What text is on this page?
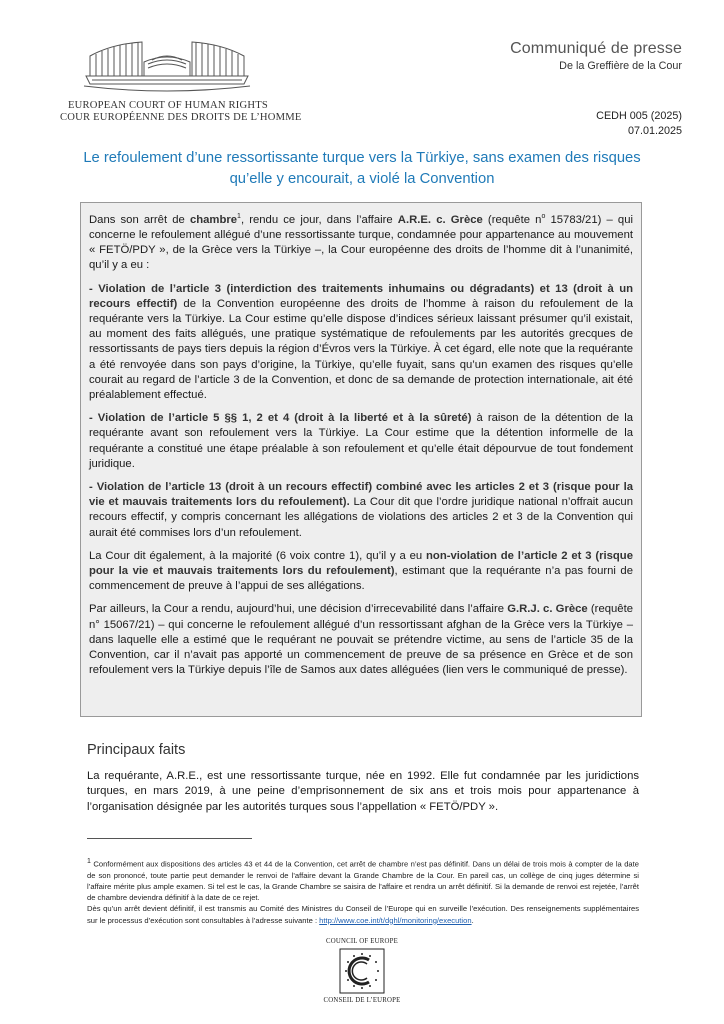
EUROPEAN COURT OF HUMAN RIGHTS
COUR EUROPÉENNE DES DROITS DE L’HOMME
Communiqué de presse
De la Greffière de la Cour
CEDH 005 (2025)
07.01.2025
Le refoulement d’une ressortissante turque vers la Türkiye, sans examen des risques qu’elle y encourait, a violé la Convention

Dans son arrêt de chambre$^1$, rendu ce jour, dans l’affaire A.R.E. c. Grèce (requête $n^o$ 15783/21) – qui concerne le refoulement allégué d’une ressortissante turque, condamnée pour appartenance au mouvement « FETÖ/PDY », de la Grèce vers la Türkiye –, la Cour européenne des droits de l’homme dit à l’unanimité, qu’il y a eu :

- Violation de l’article 3 (interdiction des traitements inhumains ou dégradants) et 13 (droit à un recours effectif) de la Convention européenne des droits de l’homme à raison du refoulement de la requérante vers la Türkiye. La Cour estime qu’elle dispose d’indices sérieux laissant présumer qu’il existait, au moment des faits allégués, une pratique systématique de refoulements par les autorités grecques de ressortissants de pays tiers depuis la région d’Évros vers la Türkiye. À cet égard, elle note que la requérante a été renvoyée dans son pays d’origine, la Türkiye, qu’elle fuyait, sans qu’un examen des risques qu’elle courait au regard de l’article 3 de la Convention, et donc de sa demande de protection internationale, ait été préalablement effectué.

- Violation de l’article 5 §§ 1, 2 et 4 (droit à la liberté et à la sûreté) à raison de la détention de la requérante avant son refoulement vers la Türkiye. La Cour estime que la détention informelle de la requérante a constitué une étape préalable à son refoulement et qu’elle était dépourvue de tout fondement juridique.

- Violation de l’article 13 (droit à un recours effectif) combiné avec les articles 2 et 3 (risque pour la vie et mauvais traitements lors du refoulement). La Cour dit que l’ordre juridique national n’offrait aucun recours effectif, y compris concernant les allégations de violations des articles 2 et 3 de la Convention qui aurait été commises lors d’un refoulement.

La Cour dit également, à la majorité (6 voix contre 1), qu’il y a eu non-violation de l’article 2 et 3 (risque pour la vie et mauvais traitements lors du refoulement), estimant que la requérante n’a pas fourni de commencement de preuve à l’appui de ses allégations.

Par ailleurs, la Cour a rendu, aujourd’hui, une décision d’irrecevabilité dans l’affaire G.R.J. c. Grèce (requête n° 15067/21) – qui concerne le refoulement allégué d’un ressortissant afghan de la Grèce vers la Türkiye – dans laquelle elle a estimé que le requérant ne pouvait se prétendre victime, au sens de l’article 35 de la Convention, car il n’avait pas apporté un commencement de preuve de sa présence en Grèce et de son refoulement vers la Türkiye depuis l’île de Samos aux dates alléguées (lien vers le communiqué de presse).

Principaux faits

La requérante, A.R.E., est une ressortissante turque, née en 1992. Elle fut condamnée par les juridictions turques, en mars 2019, à une peine d’emprisonnement de six ans et trois mois pour appartenance à l’organisation désignée par les autorités turques sous l’appellation « FETÖ/PDY ».

$^1$ Conformément aux dispositions des articles 43 et 44 de la Convention, cet arrêt de chambre n’est pas définitif. Dans un délai de trois mois à compter de la date de son prononcé, toute partie peut demander le renvoi de l’affaire devant la Grande Chambre de la Cour. En pareil cas, un collège de cinq juges détermine si l’affaire mérite plus ample examen. Si tel est le cas, la Grande Chambre se saisira de l’affaire et rendra un arrêt définitif. Si la demande de renvoi est rejetée, l’arrêt de chambre deviendra définitif à la date de ce rejet.

Dès qu’un arrêt devient définitif, il est transmis au Comité des Ministres du Conseil de l’Europe qui en surveille l’exécution. Des renseignements supplémentaires sur le processus d’exécution sont consultables à l’adresse suivante : http://www.coe.int/t/dghl/monitoring/execution.

COUNCIL OF EUROPE
CONSEIL DE L’EUROPE
